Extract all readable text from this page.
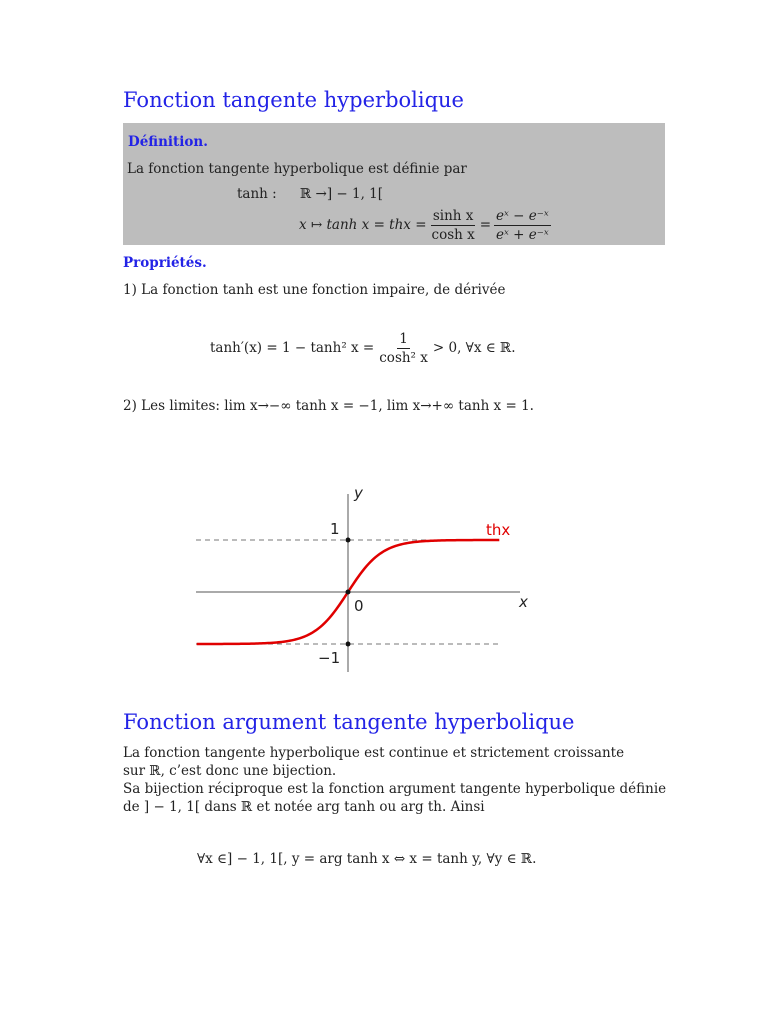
Fonction tangente hyperbolique
Définition.
La fonction tangente hyperbolique est définie par
tanh : ℝ →] − 1, 1[
x ↦ tanh x = thx = $\frac{\text{sinh x}}{\text{cosh x}} = \frac{\text{eˣ − e⁻ˣ}}{\text{eˣ + e⁻ˣ}}$
Propriétés.
1) La fonction tanh est une fonction impaire, de dérivée
tanh′(x) = 1 − tanh² $x = \frac{1}{\text{cosh² x}} > 0$, ∀x ∈ ℝ.
2) Les limites: lim x→−∞ tanh x = −1, lim x→+∞ tanh x = 1.
y
x
1
−1
0
thx
Fonction argument tangente hyperbolique
La fonction tangente hyperbolique est continue et strictement croissante
sur ℝ, c’est donc une bijection.
Sa bijection réciproque est la fonction argument tangente hyperbolique définie
de ] − 1, 1[ dans ℝ et notée arg tanh ou arg th. Ainsi
∀x ∈] − 1, 1[, y = arg tanh x ⇔ x = tanh y, ∀y ∈ ℝ.
